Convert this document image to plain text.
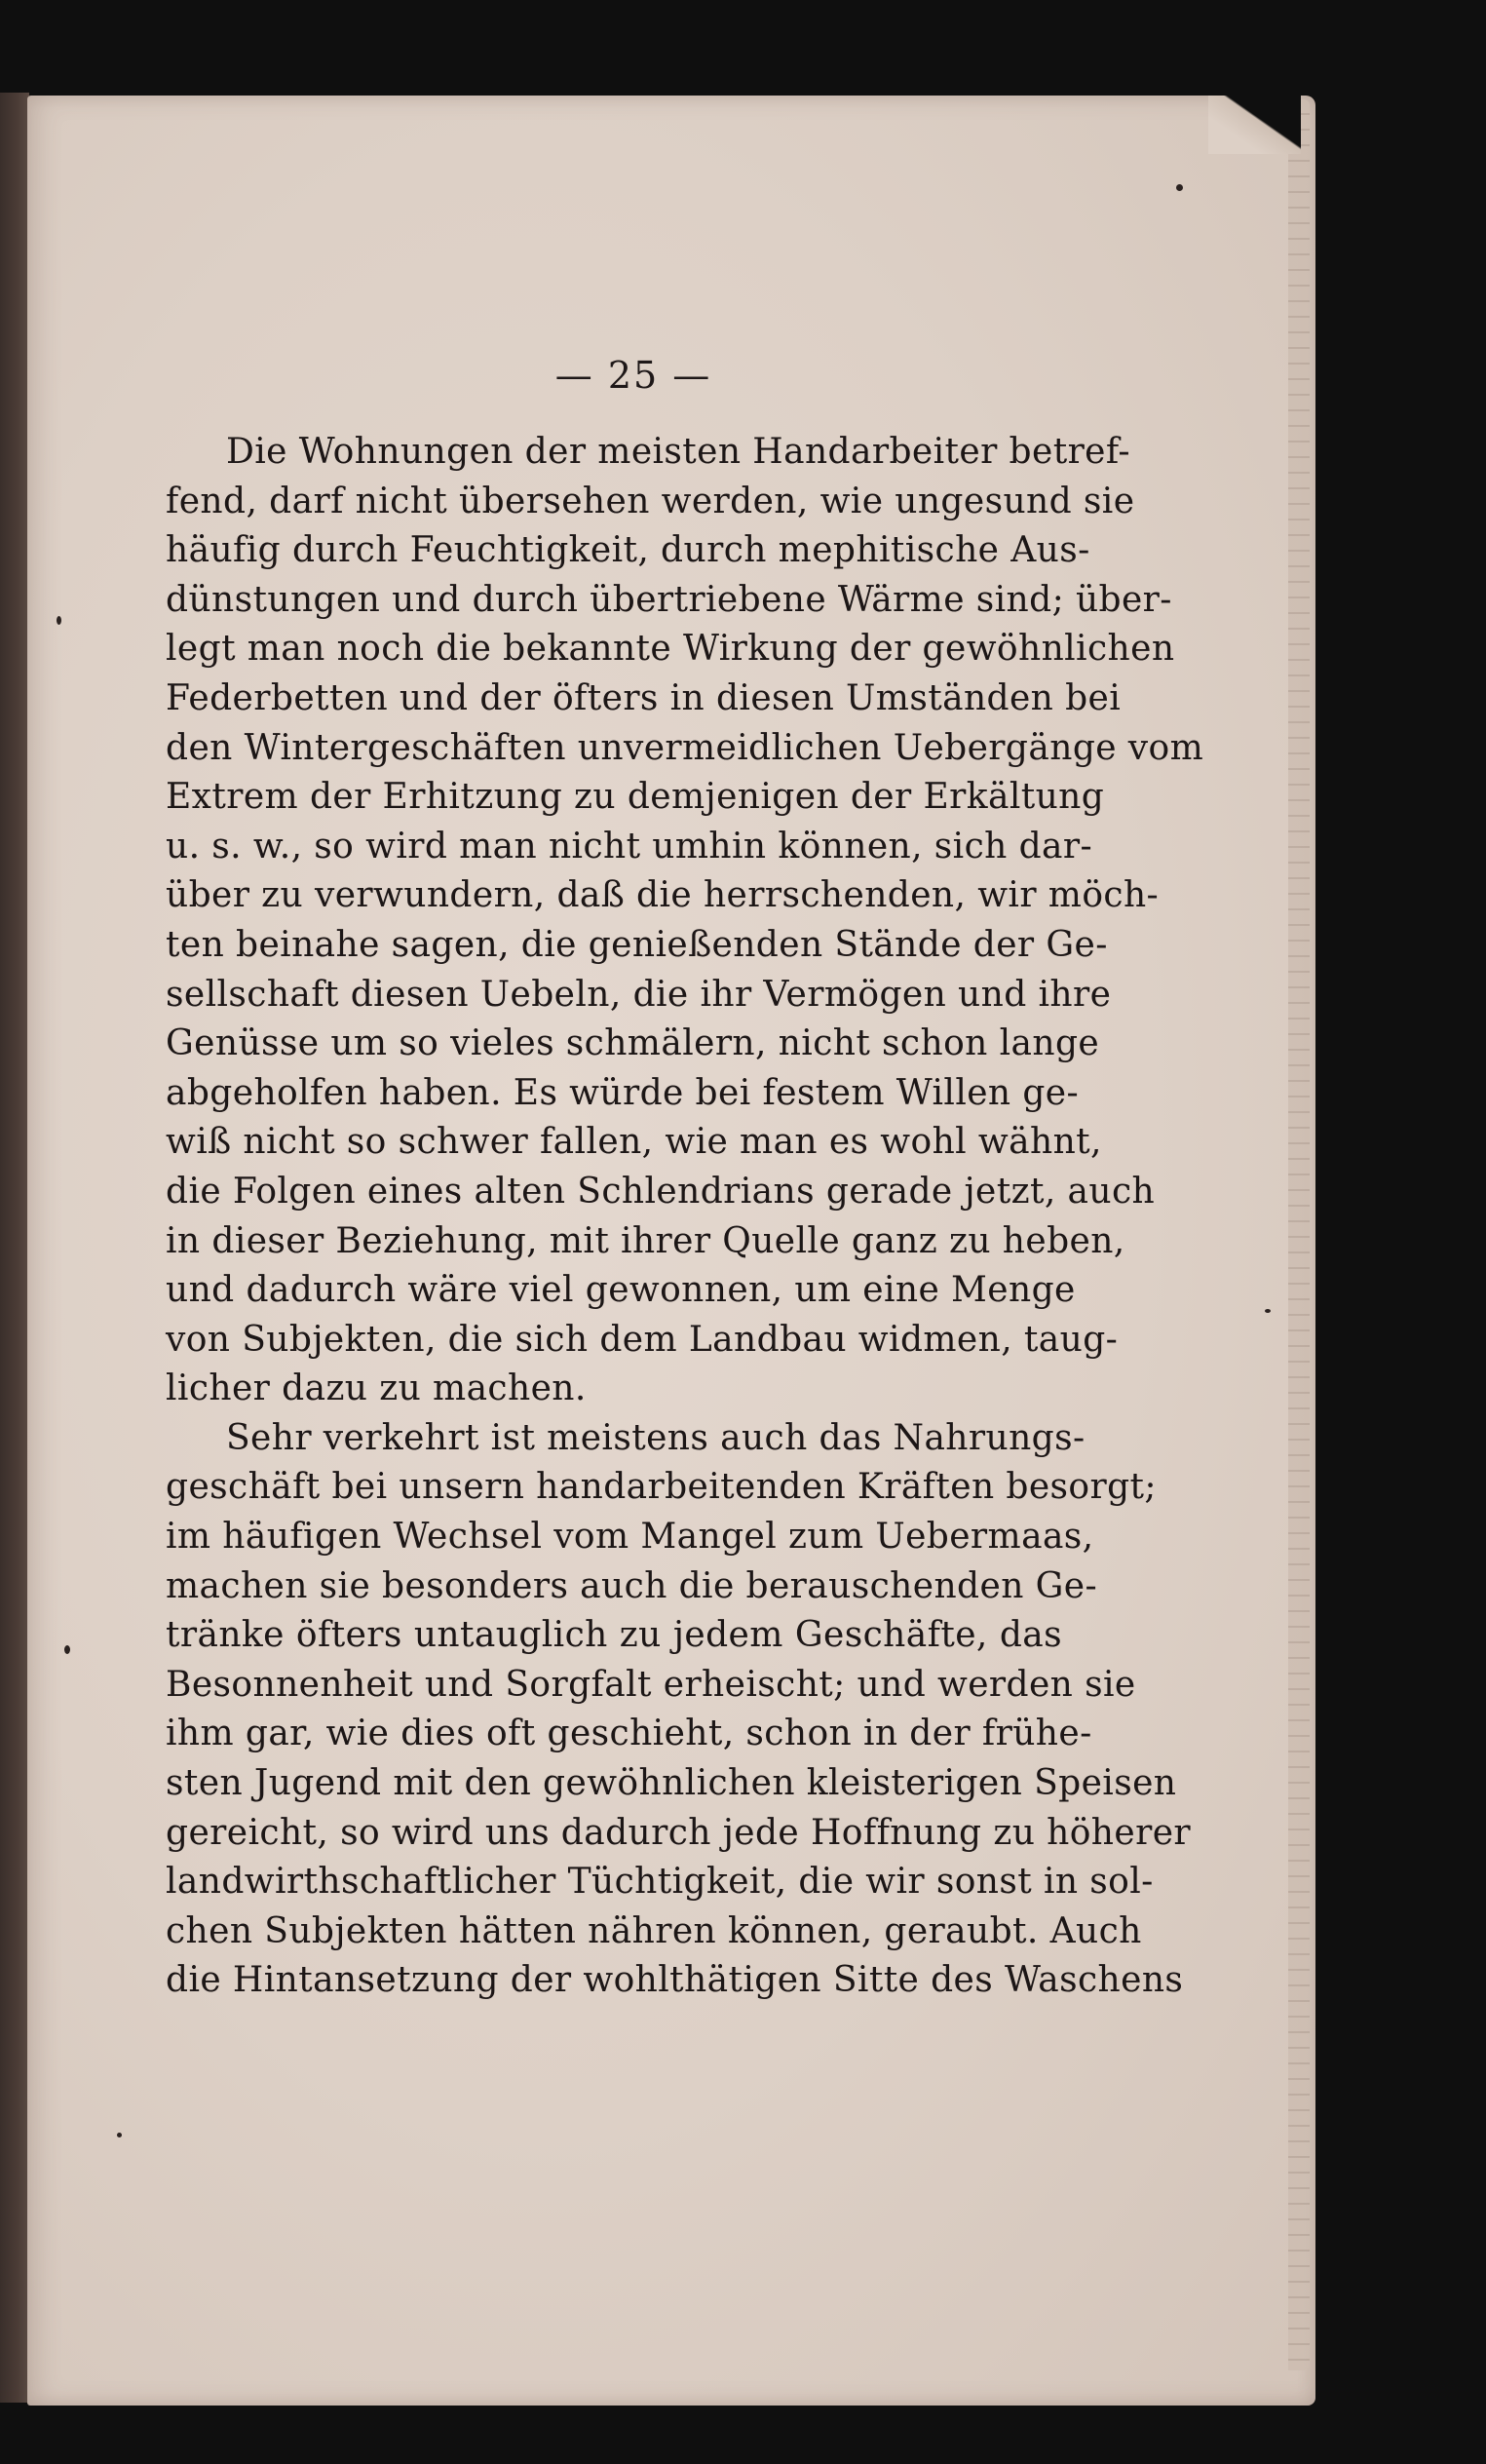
— 25 —
Die Wohnungen der meisten Handarbeiter betref-
fend, darf nicht übersehen werden, wie ungesund sie
häufig durch Feuchtigkeit, durch mephitische Aus-
dünstungen und durch übertriebene Wärme sind; über-
legt man noch die bekannte Wirkung der gewöhnlichen
Federbetten und der öfters in diesen Umständen bei
den Wintergeschäften unvermeidlichen Uebergänge vom
Extrem der Erhitzung zu demjenigen der Erkältung
u. s. w., so wird man nicht umhin können, sich dar-
über zu verwundern, daß die herrschenden, wir möch-
ten beinahe sagen, die genießenden Stände der Ge-
sellschaft diesen Uebeln, die ihr Vermögen und ihre
Genüsse um so vieles schmälern, nicht schon lange
abgeholfen haben. Es würde bei festem Willen ge-
wiß nicht so schwer fallen, wie man es wohl wähnt,
die Folgen eines alten Schlendrians gerade jetzt, auch
in dieser Beziehung, mit ihrer Quelle ganz zu heben,
und dadurch wäre viel gewonnen, um eine Menge
von Subjekten, die sich dem Landbau widmen, taug-
licher dazu zu machen.
Sehr verkehrt ist meistens auch das Nahrungs-
geschäft bei unsern handarbeitenden Kräften besorgt;
im häufigen Wechsel vom Mangel zum Uebermaas,
machen sie besonders auch die berauschenden Ge-
tränke öfters untauglich zu jedem Geschäfte, das
Besonnenheit und Sorgfalt erheischt; und werden sie
ihm gar, wie dies oft geschieht, schon in der frühe-
sten Jugend mit den gewöhnlichen kleisterigen Speisen
gereicht, so wird uns dadurch jede Hoffnung zu höherer
landwirthschaftlicher Tüchtigkeit, die wir sonst in sol-
chen Subjekten hätten nähren können, geraubt. Auch
die Hintansetzung der wohlthätigen Sitte des Waschens
